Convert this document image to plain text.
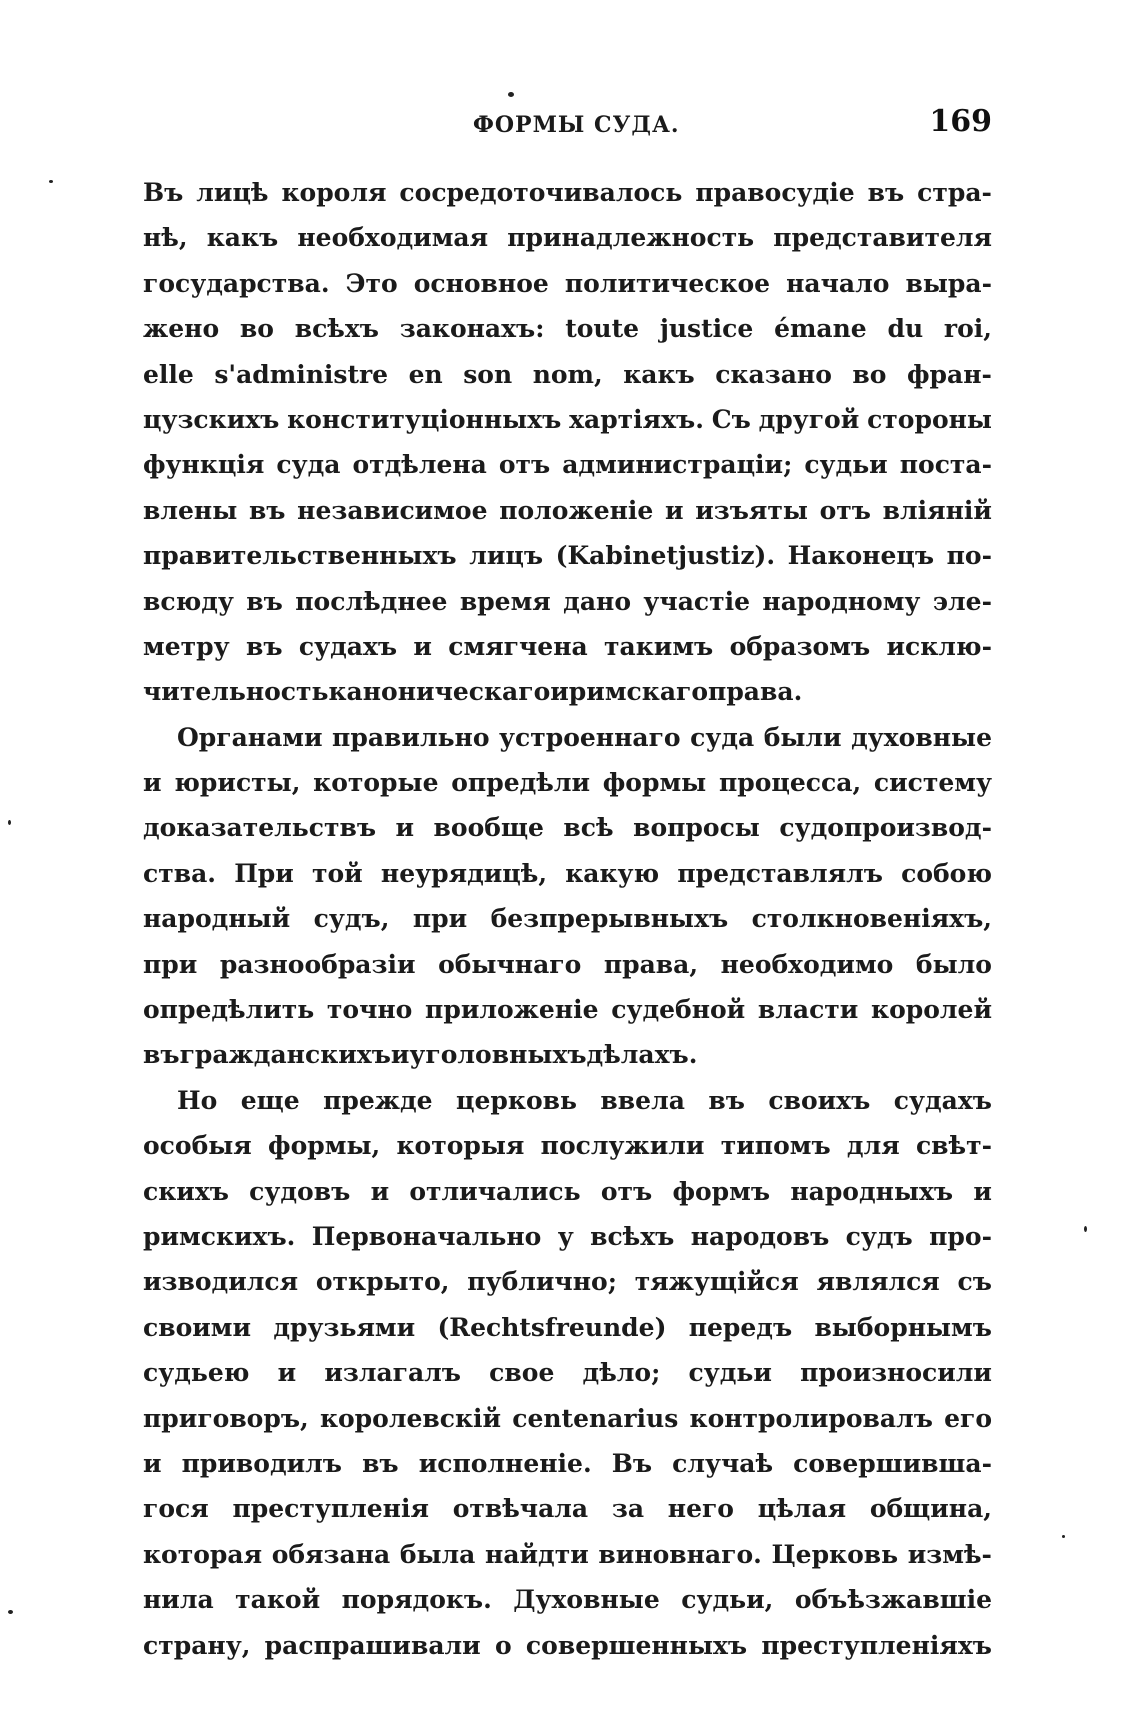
ФОРМЫ СУДА.	169
Въ лицѣ короля сосредоточивалось правосудіе въ стра-
нѣ, какъ необходимая принадлежность представителя
государства. Это основное политическое начало выра-
жено во всѣхъ законахъ: toute justice émane du roi,
elle s'administre en son nom, какъ сказано во фран-
цузскихъ конституціонныхъ хартіяхъ. Съ другой стороны
функція суда отдѣлена отъ администраціи; судьи поста-
влены въ независимое положеніе и изъяты отъ вліяній
правительственныхъ лицъ (Kabinetjustiz). Наконецъ по-
всюду въ послѣднее время дано участіе народному эле-
метру въ судахъ и смягчена такимъ образомъ исклю-
чительность каноническаго и римскаго права.
Органами правильно устроеннаго суда были духовные
и юристы, которые опредѣли формы процесса, систему
доказательствъ и вообще всѣ вопросы судопроизвод-
ства. При той неурядицѣ, какую представлялъ собою
народный судъ, при безпрерывныхъ столкновеніяхъ,
при разнообразіи обычнаго права, необходимо было
опредѣлить точно приложеніе судебной власти королей
въ гражданскихъ и уголовныхъ дѣлахъ.
Но еще прежде церковь ввела въ своихъ судахъ
особыя формы, которыя послужили типомъ для свѣт-
скихъ судовъ и отличались отъ формъ народныхъ и
римскихъ. Первоначально у всѣхъ народовъ судъ про-
изводился открыто, публично; тяжущійся являлся съ
своими друзьями (Rechtsfreunde) передъ выборнымъ
судьею и излагалъ свое дѣло; судьи произносили
приговоръ, королевскій centenarius контролировалъ его
и приводилъ въ исполненіе. Въ случаѣ совершивша-
гося преступленія отвѣчала за него цѣлая община,
которая обязана была найдти виновнаго. Церковь измѣ-
нила такой порядокъ. Духовные судьи, объѣзжавшіе
страну, распрашивали о совершенныхъ преступленіяхъ
